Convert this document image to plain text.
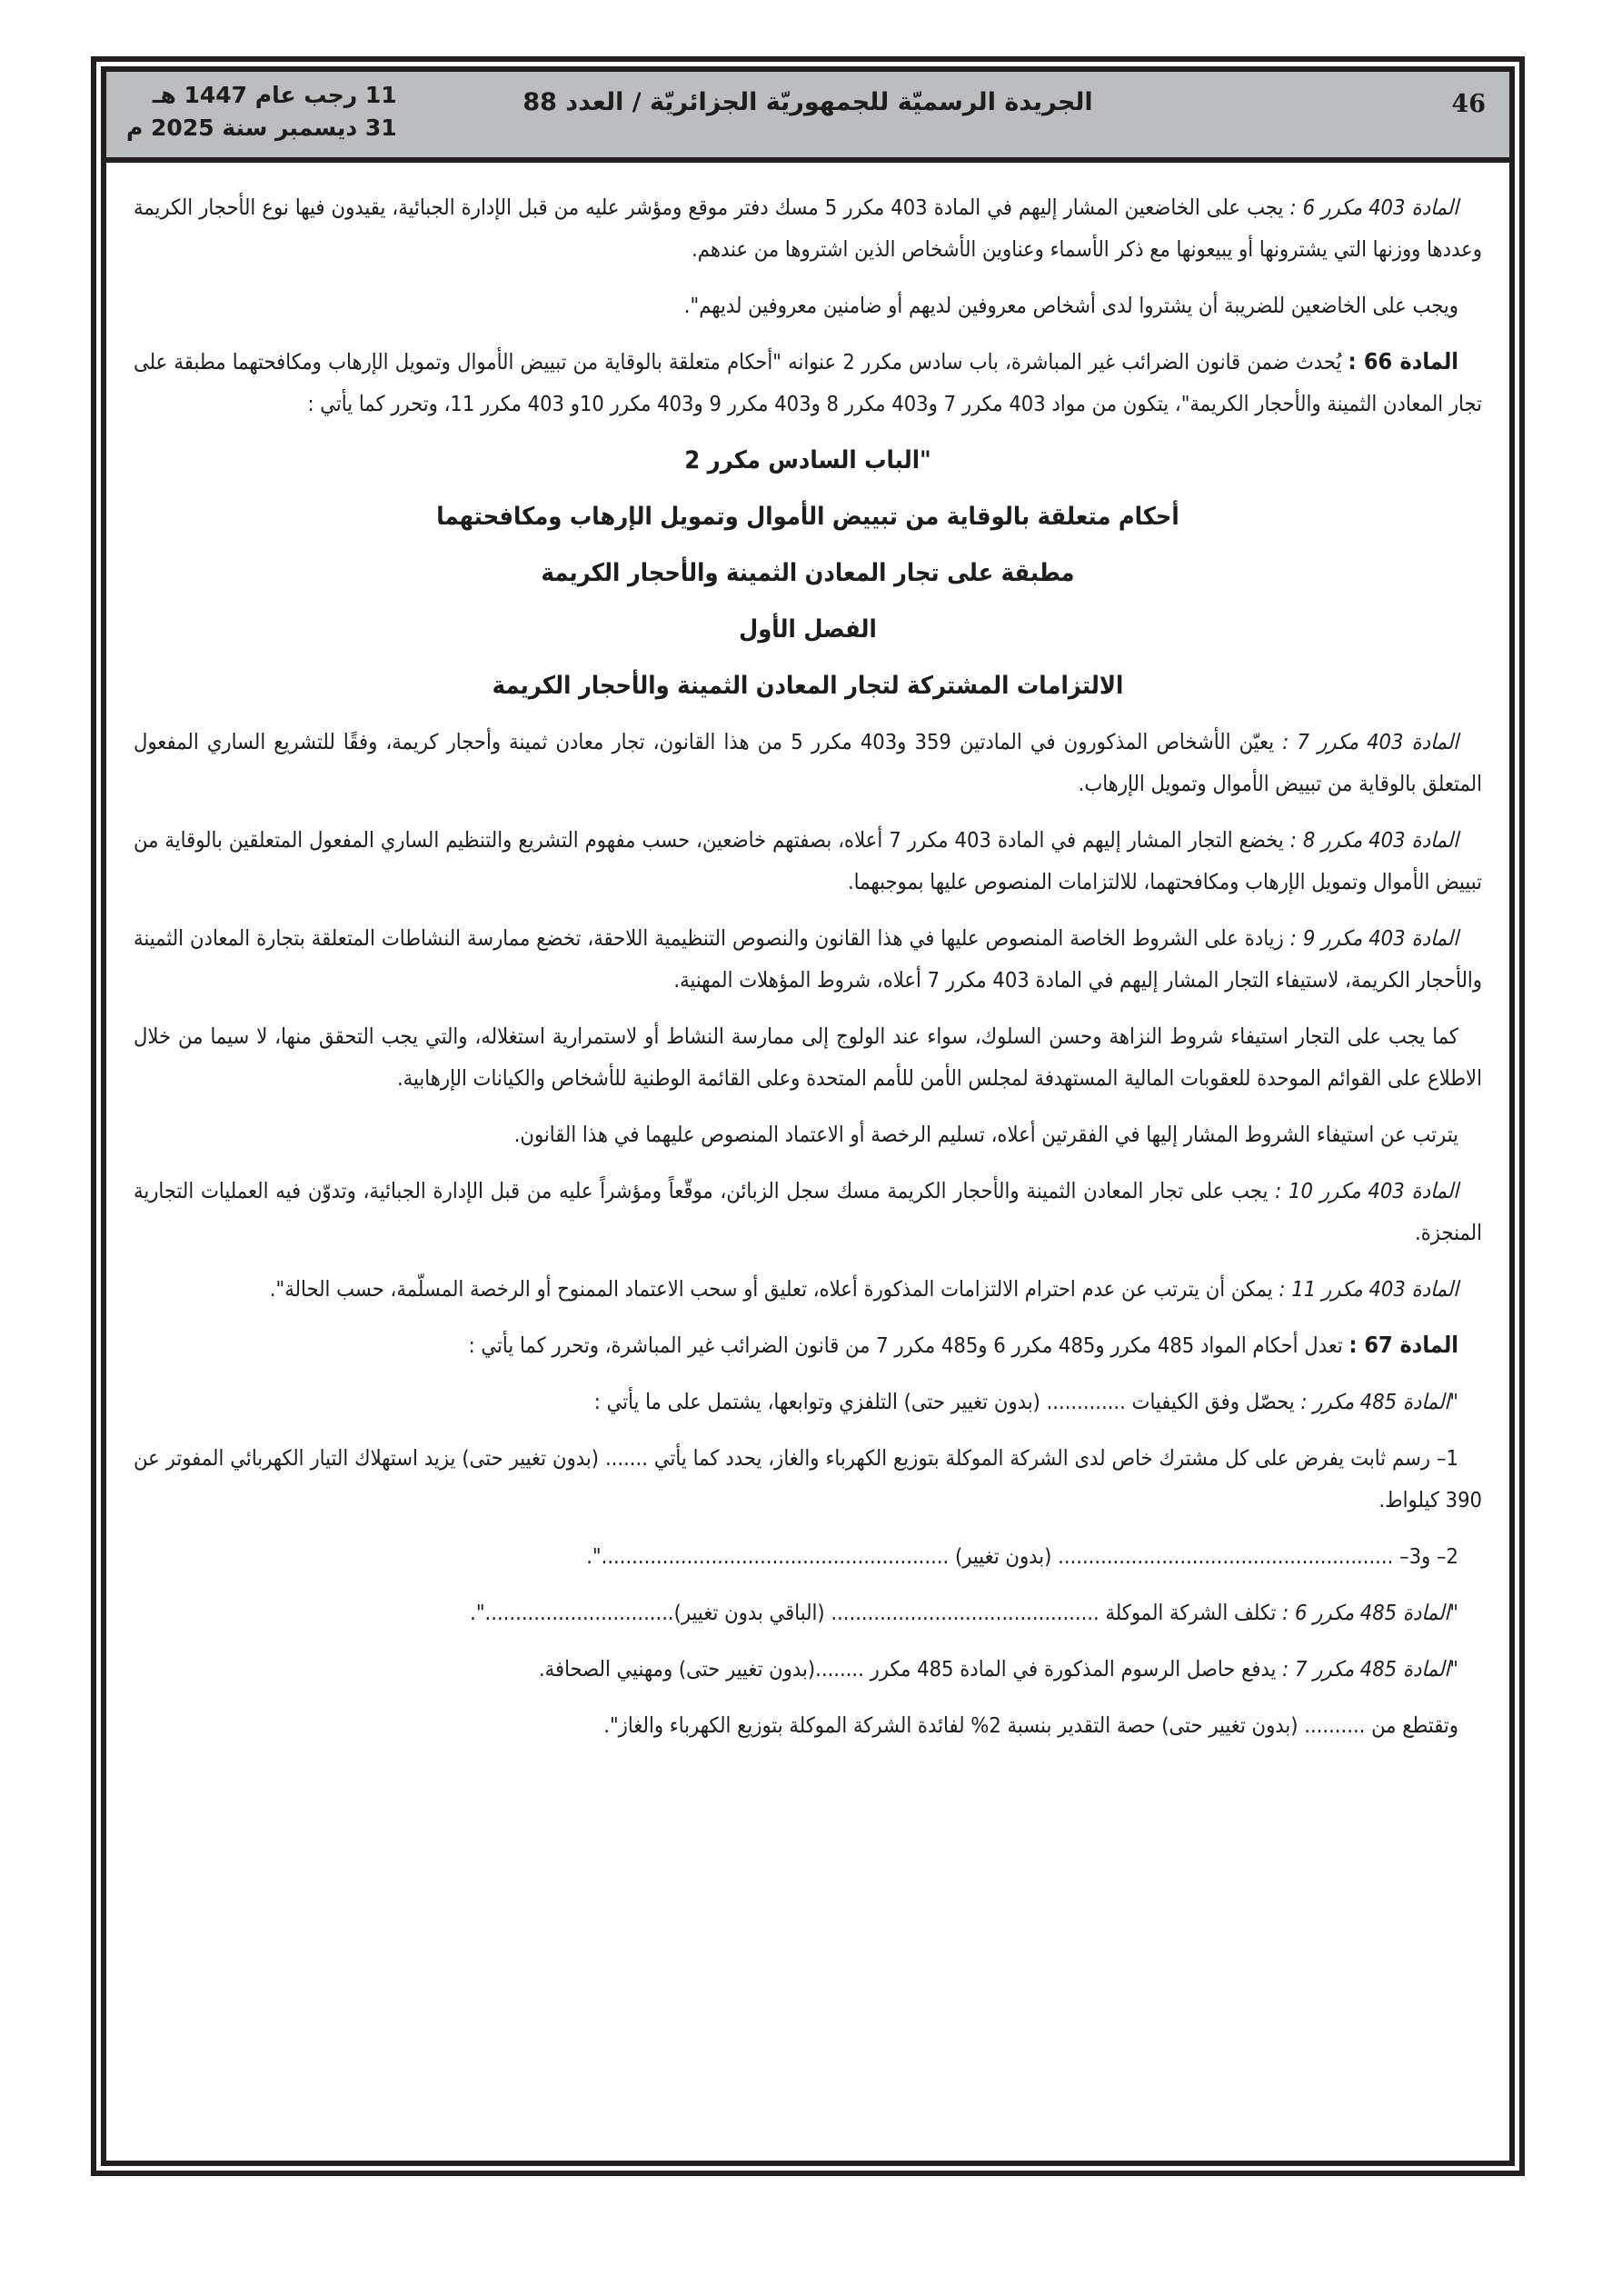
46
الجريدة الرسميّة للجمهوريّة الجزائريّة / العدد 88
11 رجب عام 1447 هـ
31 ديسمبر سنة 2025 م

المادة 403 مكرر 6 : يجب على الخاضعين المشار إليهم في المادة 403 مكرر 5 مسك دفتر موقع ومؤشر عليه من قبل الإدارة الجبائية، يقيدون فيها نوع الأحجار الكريمة وعددها ووزنها التي يشترونها أو يبيعونها مع ذكر الأسماء وعناوين الأشخاص الذين اشتروها من عندهم.

ويجب على الخاضعين للضريبة أن يشتروا لدى أشخاص معروفين لديهم أو ضامنين معروفين لديهم".

المادة 66 : يُحدث ضمن قانون الضرائب غير المباشرة، باب سادس مكرر 2 عنوانه "أحكام متعلقة بالوقاية من تبييض الأموال وتمويل الإرهاب ومكافحتهما مطبقة على تجار المعادن الثمينة والأحجار الكريمة"، يتكون من مواد 403 مكرر 7 و403 مكرر 8 و403 مكرر 9 و403 مكرر 10و 403 مكرر 11، وتحرر كما يأتي :

"الباب السادس مكرر 2
أحكام متعلقة بالوقاية من تبييض الأموال وتمويل الإرهاب ومكافحتهما
مطبقة على تجار المعادن الثمينة والأحجار الكريمة
الفصل الأول
الالتزامات المشتركة لتجار المعادن الثمينة والأحجار الكريمة

المادة 403 مكرر 7 : يعيّن الأشخاص المذكورون في المادتين 359 و403 مكرر 5 من هذا القانون، تجار معادن ثمينة وأحجار كريمة، وفقًا للتشريع الساري المفعول المتعلق بالوقاية من تبييض الأموال وتمويل الإرهاب.

المادة 403 مكرر 8 : يخضع التجار المشار إليهم في المادة 403 مكرر 7 أعلاه، بصفتهم خاضعين، حسب مفهوم التشريع والتنظيم الساري المفعول المتعلقين بالوقاية من تبييض الأموال وتمويل الإرهاب ومكافحتهما، للالتزامات المنصوص عليها بموجبهما.

المادة 403 مكرر 9 : زيادة على الشروط الخاصة المنصوص عليها في هذا القانون والنصوص التنظيمية اللاحقة، تخضع ممارسة النشاطات المتعلقة بتجارة المعادن الثمينة والأحجار الكريمة، لاستيفاء التجار المشار إليهم في المادة 403 مكرر 7 أعلاه، شروط المؤهلات المهنية.

كما يجب على التجار استيفاء شروط النزاهة وحسن السلوك، سواء عند الولوج إلى ممارسة النشاط أو لاستمرارية استغلاله، والتي يجب التحقق منها، لا سيما من خلال الاطلاع على القوائم الموحدة للعقوبات المالية المستهدفة لمجلس الأمن للأمم المتحدة وعلى القائمة الوطنية للأشخاص والكيانات الإرهابية.

يترتب عن استيفاء الشروط المشار إليها في الفقرتين أعلاه، تسليم الرخصة أو الاعتماد المنصوص عليهما في هذا القانون.

المادة 403 مكرر 10 : يجب على تجار المعادن الثمينة والأحجار الكريمة مسك سجل الزبائن، موقّعاً ومؤشراً عليه من قبل الإدارة الجبائية، وتدوّن فيه العمليات التجارية المنجزة.

المادة 403 مكرر 11 : يمكن أن يترتب عن عدم احترام الالتزامات المذكورة أعلاه، تعليق أو سحب الاعتماد الممنوح أو الرخصة المسلّمة، حسب الحالة".

المادة 67 : تعدل أحكام المواد 485 مكرر و485 مكرر 6 و485 مكرر 7 من قانون الضرائب غير المباشرة، وتحرر كما يأتي :

"المادة 485 مكرر : يحصّل وفق الكيفيات ............. (بدون تغيير حتى) التلفزي وتوابعها، يشتمل على ما يأتي :

1– رسم ثابت يفرض على كل مشترك خاص لدى الشركة الموكلة بتوزيع الكهرباء والغاز، يحدد كما يأتي ....... (بدون تغيير حتى) يزيد استهلاك التيار الكهربائي المفوتر عن 390 كيلواط.

2– و3– ....................................................... (بدون تغيير) .........................................................".

"المادة 485 مكرر 6 : تكلف الشركة الموكلة ............................................ (الباقي بدون تغيير)...............................".

"المادة 485 مكرر 7 : يدفع حاصل الرسوم المذكورة في المادة 485 مكرر ........(بدون تغيير حتى) ومهنيي الصحافة.

وتقتطع من .......... (بدون تغيير حتى) حصة التقدير بنسبة 2% لفائدة الشركة الموكلة بتوزيع الكهرباء والغاز".
